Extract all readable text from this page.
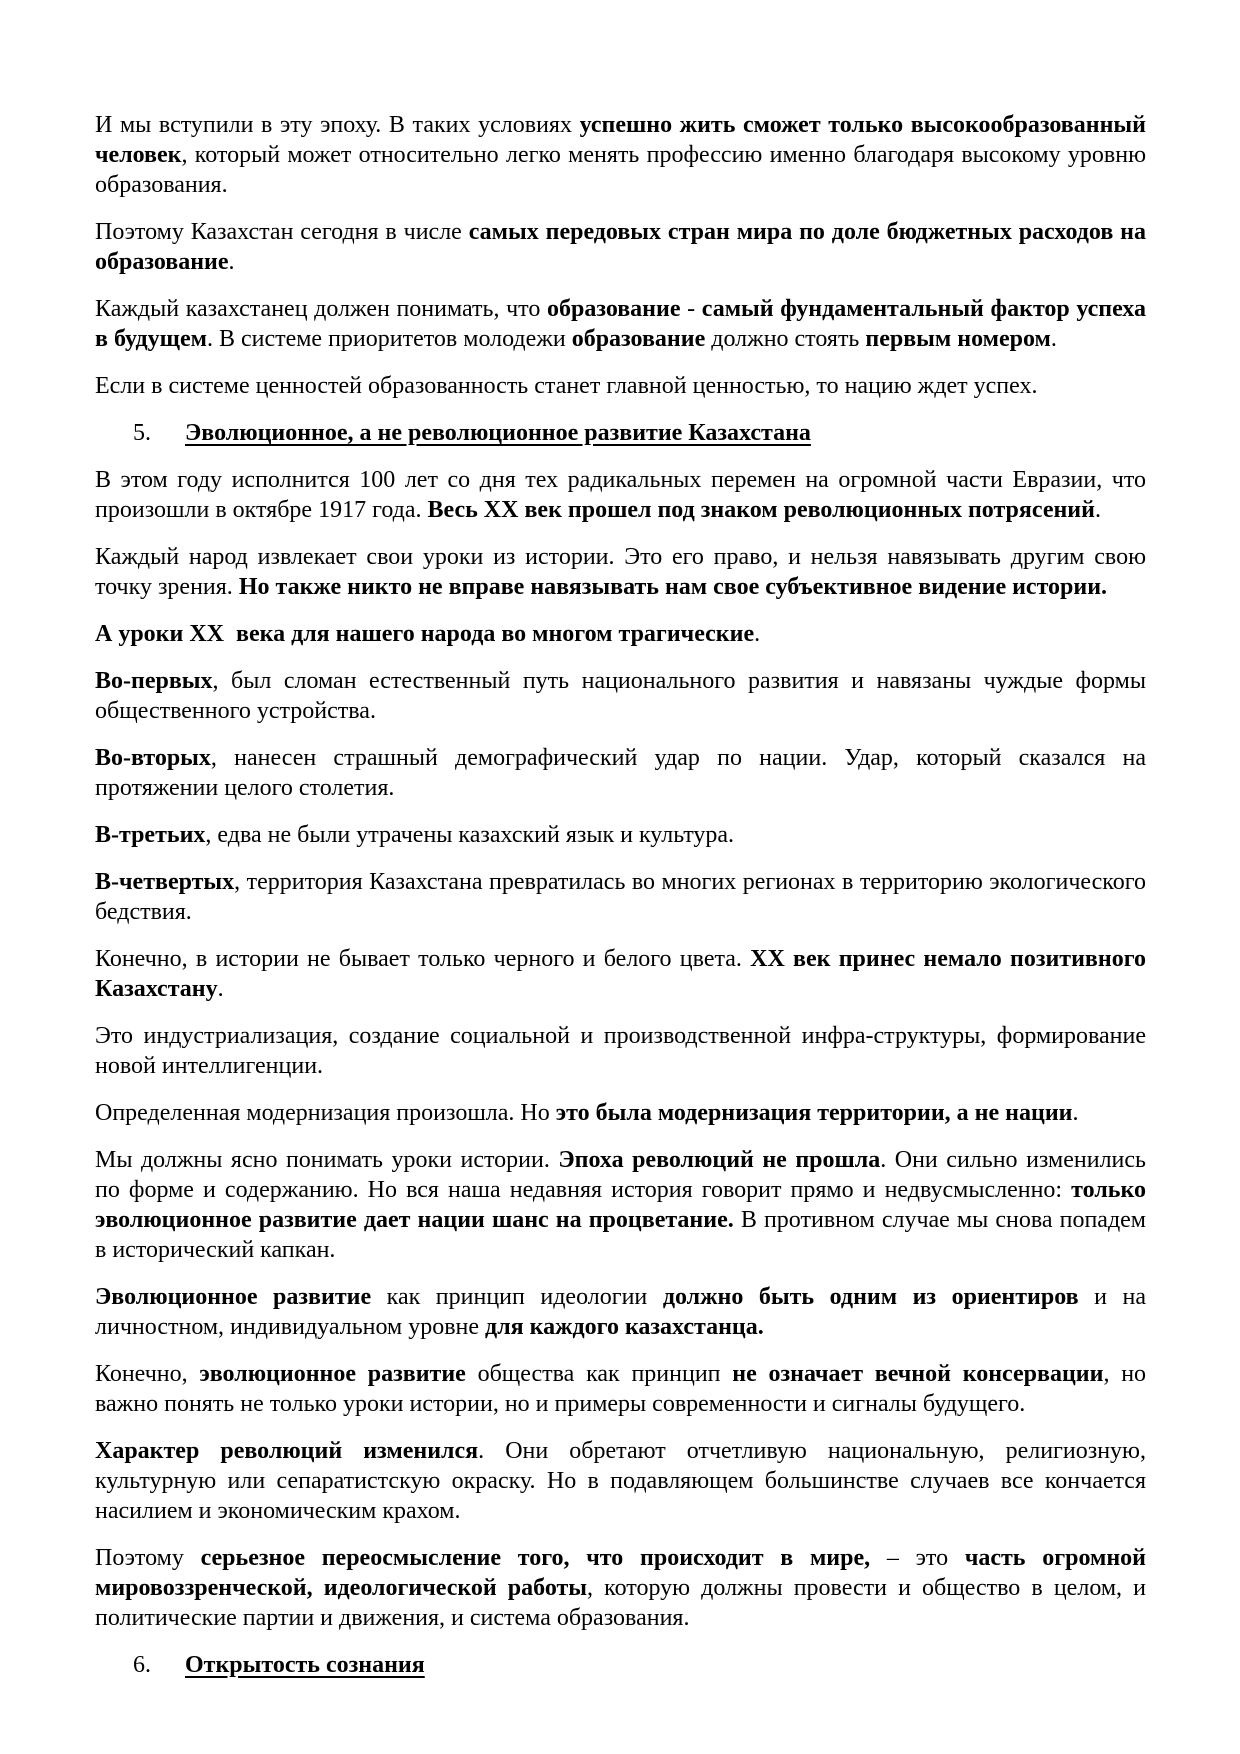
И мы вступили в эту эпоху. В таких условиях успешно жить сможет только высокообразованный человек, который может относительно легко менять профессию именно благодаря высокому уровню образования.

Поэтому Казахстан сегодня в числе самых передовых стран мира по доле бюджетных расходов на образование.

Каждый казахстанец должен понимать, что образование - самый фундаментальный фактор успеха в будущем. В системе приоритетов молодежи образование должно стоять первым номером.

Если в системе ценностей образованность станет главной ценностью, то нацию ждет успех.

5. Эволюционное, а не революционное развитие Казахстана

В этом году исполнится 100 лет со дня тех радикальных перемен на огромной части Евразии, что произошли в октябре 1917 года. Весь XX век прошел под знаком революционных потрясений.

Каждый народ извлекает свои уроки из истории. Это его право, и нельзя навязывать другим свою точку зрения. Но также никто не вправе навязывать нам свое субъективное видение истории.

А уроки XX  века для нашего народа во многом трагические.

Во-первых, был сломан естественный путь национального развития и навязаны чуждые формы общественного устройства.

Во-вторых, нанесен страшный демографический удар по нации. Удар, который сказался на протяжении целого столетия.

В-третьих, едва не были утрачены казахский язык и культура.

В-четвертых, территория Казахстана превратилась во многих регионах в территорию экологического бедствия.

Конечно, в истории не бывает только черного и белого цвета. XX век принес немало позитивного Казахстану.

Это индустриализация, создание социальной и производственной инфра-структуры, формирование новой интеллигенции.

Определенная модернизация произошла. Но это была модернизация территории, а не нации.

Мы должны ясно понимать уроки истории. Эпоха революций не прошла. Они сильно изменились по форме и содержанию. Но вся наша недавняя история говорит прямо и недвусмысленно: только эволюционное развитие дает нации шанс на процветание. В противном случае мы снова попадем в исторический капкан.

Эволюционное развитие как принцип идеологии должно быть одним из ориентиров и на личностном, индивидуальном уровне для каждого казахстанца.

Конечно, эволюционное развитие общества как принцип не означает вечной консервации, но важно понять не только уроки истории, но и примеры современности и сигналы будущего.

Характер революций изменился. Они обретают отчетливую национальную, религиозную, культурную или сепаратистскую окраску. Но в подавляющем большинстве случаев все кончается насилием и экономическим крахом.

Поэтому серьезное переосмысление того, что происходит в мире, – это часть огромной мировоззренческой, идеологической работы, которую должны провести и общество в целом, и политические партии и движения, и система образования.

6. Открытость сознания
